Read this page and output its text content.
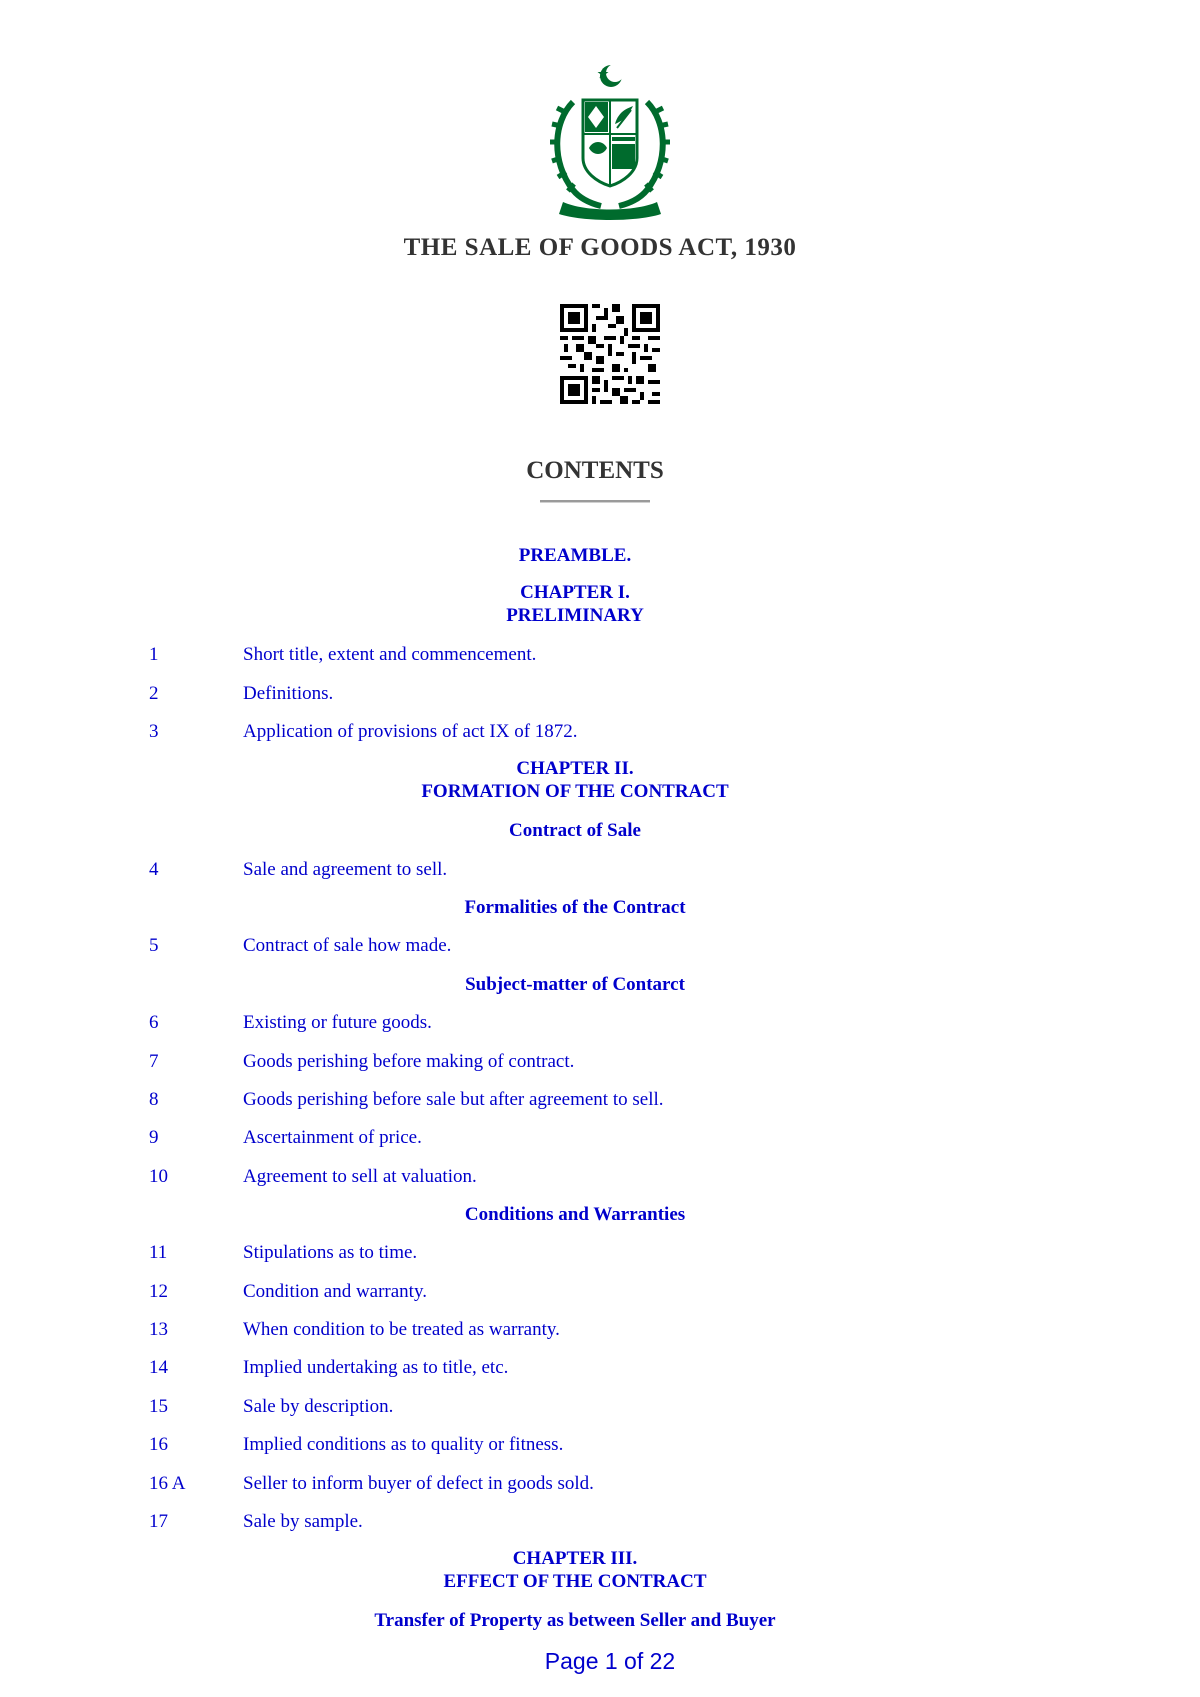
THE SALE OF GOODS ACT, 1930
CONTENTS
PREAMBLE.
CHAPTER I.
PRELIMINARY
1	Short title, extent and commencement.
2	Definitions.
3	Application of provisions of act IX of 1872.
CHAPTER II.
FORMATION OF THE CONTRACT
Contract of Sale
4	Sale and agreement to sell.
Formalities of the Contract
5	Contract of sale how made.
Subject-matter of Contarct
6	Existing or future goods.
7	Goods perishing before making of contract.
8	Goods perishing before sale but after agreement to sell.
9	Ascertainment of price.
10	Agreement to sell at valuation.
Conditions and Warranties
11	Stipulations as to time.
12	Condition and warranty.
13	When condition to be treated as warranty.
14	Implied undertaking as to title, etc.
15	Sale by description.
16	Implied conditions as to quality or fitness.
16 A	Seller to inform buyer of defect in goods sold.
17	Sale by sample.
CHAPTER III.
EFFECT OF THE CONTRACT
Transfer of Property as between Seller and Buyer
Page 1 of 22
